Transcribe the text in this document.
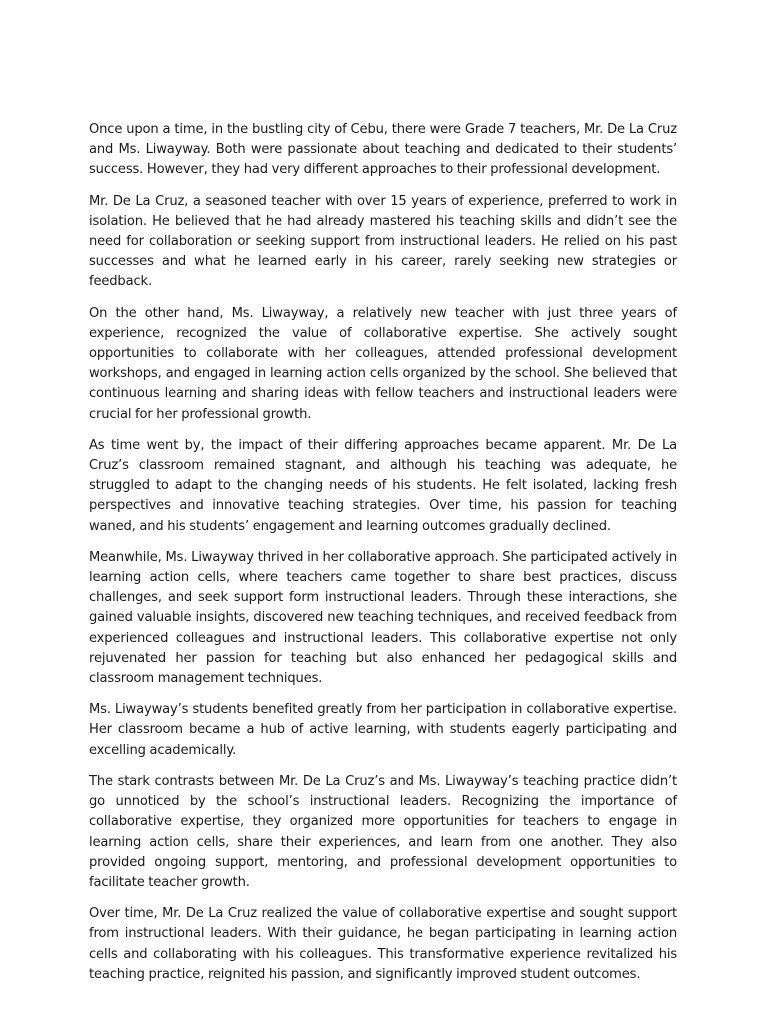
Once upon a time, in the bustling city of Cebu, there were Grade 7 teachers, Mr. De La Cruz and Ms. Liwayway. Both were passionate about teaching and dedicated to their students’ success. However, they had very different approaches to their professional development.

Mr. De La Cruz, a seasoned teacher with over 15 years of experience, preferred to work in isolation. He believed that he had already mastered his teaching skills and didn’t see the need for collaboration or seeking support from instructional leaders. He relied on his past successes and what he learned early in his career, rarely seeking new strategies or feedback.

On the other hand, Ms. Liwayway, a relatively new teacher with just three years of experience, recognized the value of collaborative expertise. She actively sought opportunities to collaborate with her colleagues, attended professional development workshops, and engaged in learning action cells organized by the school. She believed that continuous learning and sharing ideas with fellow teachers and instructional leaders were crucial for her professional growth.

As time went by, the impact of their differing approaches became apparent. Mr. De La Cruz’s classroom remained stagnant, and although his teaching was adequate, he struggled to adapt to the changing needs of his students. He felt isolated, lacking fresh perspectives and innovative teaching strategies. Over time, his passion for teaching waned, and his students’ engagement and learning outcomes gradually declined.

Meanwhile, Ms. Liwayway thrived in her collaborative approach. She participated actively in learning action cells, where teachers came together to share best practices, discuss challenges, and seek support form instructional leaders. Through these interactions, she gained valuable insights, discovered new teaching techniques, and received feedback from experienced colleagues and instructional leaders. This collaborative expertise not only rejuvenated her passion for teaching but also enhanced her pedagogical skills and classroom management techniques.

Ms. Liwayway’s students benefited greatly from her participation in collaborative expertise. Her classroom became a hub of active learning, with students eagerly participating and excelling academically.

The stark contrasts between Mr. De La Cruz’s and Ms. Liwayway’s teaching practice didn’t go unnoticed by the school’s instructional leaders. Recognizing the importance of collaborative expertise, they organized more opportunities for teachers to engage in learning action cells, share their experiences, and learn from one another. They also provided ongoing support, mentoring, and professional development opportunities to facilitate teacher growth.

Over time, Mr. De La Cruz realized the value of collaborative expertise and sought support from instructional leaders. With their guidance, he began participating in learning action cells and collaborating with his colleagues. This transformative experience revitalized his teaching practice, reignited his passion, and significantly improved student outcomes.
